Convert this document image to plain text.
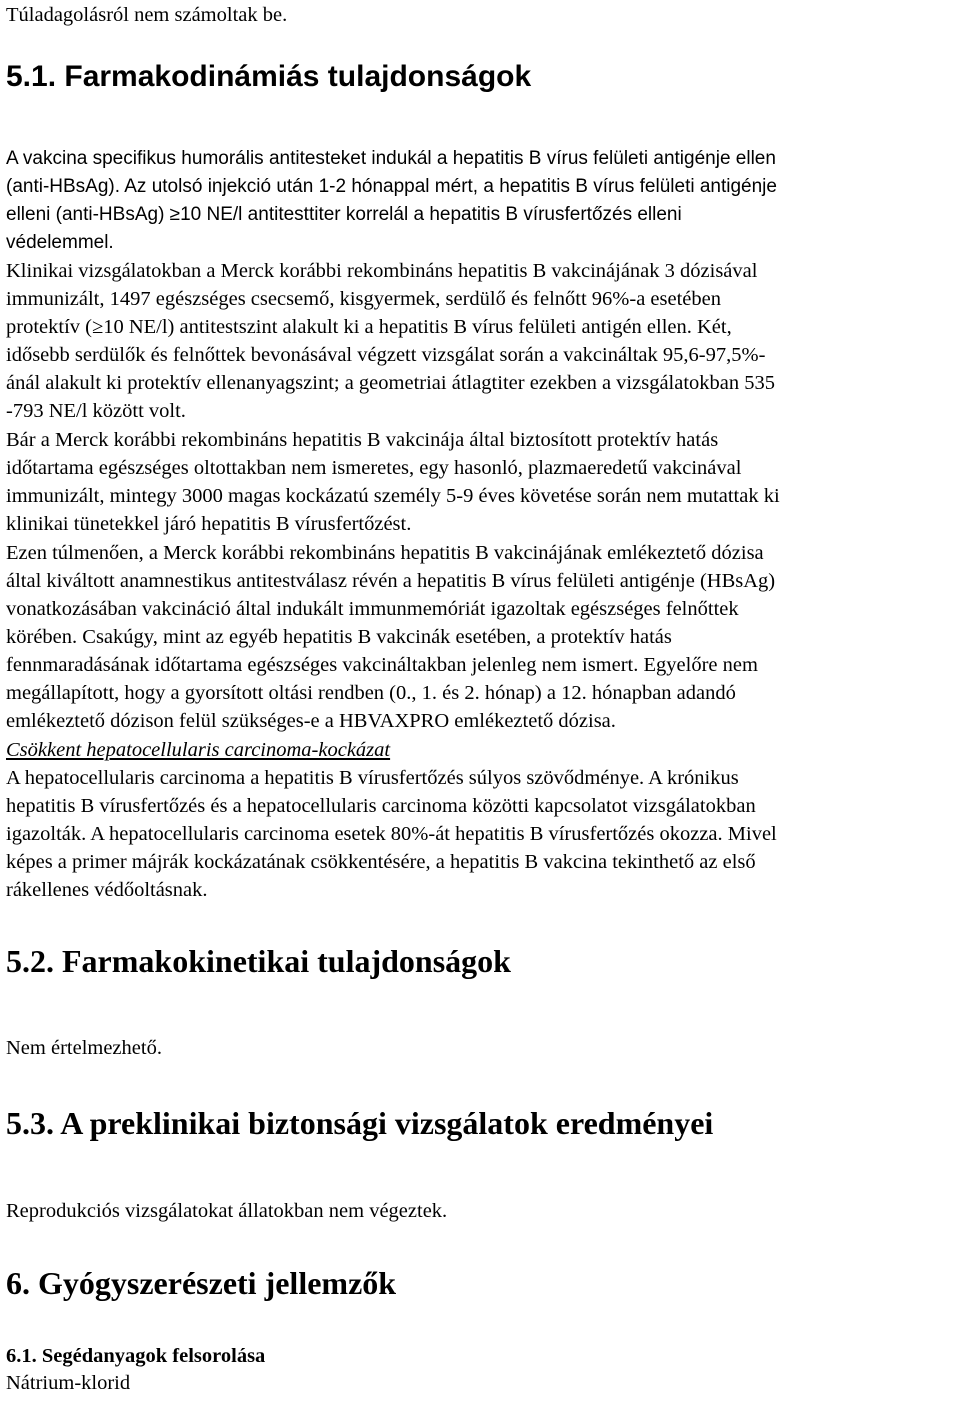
Túladagolásról nem számoltak be.
5.1. Farmakodinámiás tulajdonságok
A vakcina specifikus humorális antitesteket indukál a hepatitis B vírus felületi antigénje ellen
(anti-HBsAg). Az utolsó injekció után 1-2 hónappal mért, a hepatitis B vírus felületi antigénje
elleni (anti-HBsAg) ≥10 NE/l antitesttiter korrelál a hepatitis B vírusfertőzés elleni
védelemmel.
Klinikai vizsgálatokban a Merck korábbi rekombináns hepatitis B vakcinájának 3 dózisával
immunizált, 1497 egészséges csecsemő, kisgyermek, serdülő és felnőtt 96%-a esetében
protektív (≥10 NE/l) antitestszint alakult ki a hepatitis B vírus felületi antigén ellen. Két,
idősebb serdülők és felnőttek bevonásával végzett vizsgálat során a vakcináltak 95,6-97,5%-
ánál alakult ki protektív ellenanyagszint; a geometriai átlagtiter ezekben a vizsgálatokban 535
-793 NE/l között volt.
Bár a Merck korábbi rekombináns hepatitis B vakcinája által biztosított protektív hatás
időtartama egészséges oltottakban nem ismeretes, egy hasonló, plazmaeredetű vakcinával
immunizált, mintegy 3000 magas kockázatú személy 5-9 éves követése során nem mutattak ki
klinikai tünetekkel járó hepatitis B vírusfertőzést.
Ezen túlmenően, a Merck korábbi rekombináns hepatitis B vakcinájának emlékeztető dózisa
által kiváltott anamnestikus antitestválasz révén a hepatitis B vírus felületi antigénje (HBsAg)
vonatkozásában vakcináció által indukált immunmemóriát igazoltak egészséges felnőttek
körében. Csakúgy, mint az egyéb hepatitis B vakcinák esetében, a protektív hatás
fennmaradásának időtartama egészséges vakcináltakban jelenleg nem ismert. Egyelőre nem
megállapított, hogy a gyorsított oltási rendben (0., 1. és 2. hónap) a 12. hónapban adandó
emlékeztető dózison felül szükséges-e a HBVAXPRO emlékeztető dózisa.
Csökkent hepatocellularis carcinoma-kockázat
A hepatocellularis carcinoma a hepatitis B vírusfertőzés súlyos szövődménye. A krónikus
hepatitis B vírusfertőzés és a hepatocellularis carcinoma közötti kapcsolatot vizsgálatokban
igazolták. A hepatocellularis carcinoma esetek 80%-át hepatitis B vírusfertőzés okozza. Mivel
képes a primer májrák kockázatának csökkentésére, a hepatitis B vakcina tekinthető az első
rákellenes védőoltásnak.
5.2. Farmakokinetikai tulajdonságok
Nem értelmezhető.
5.3. A preklinikai biztonsági vizsgálatok eredményei
Reprodukciós vizsgálatokat állatokban nem végeztek.
6. Gyógyszerészeti jellemzők
6.1. Segédanyagok felsorolása
Nátrium-klorid
